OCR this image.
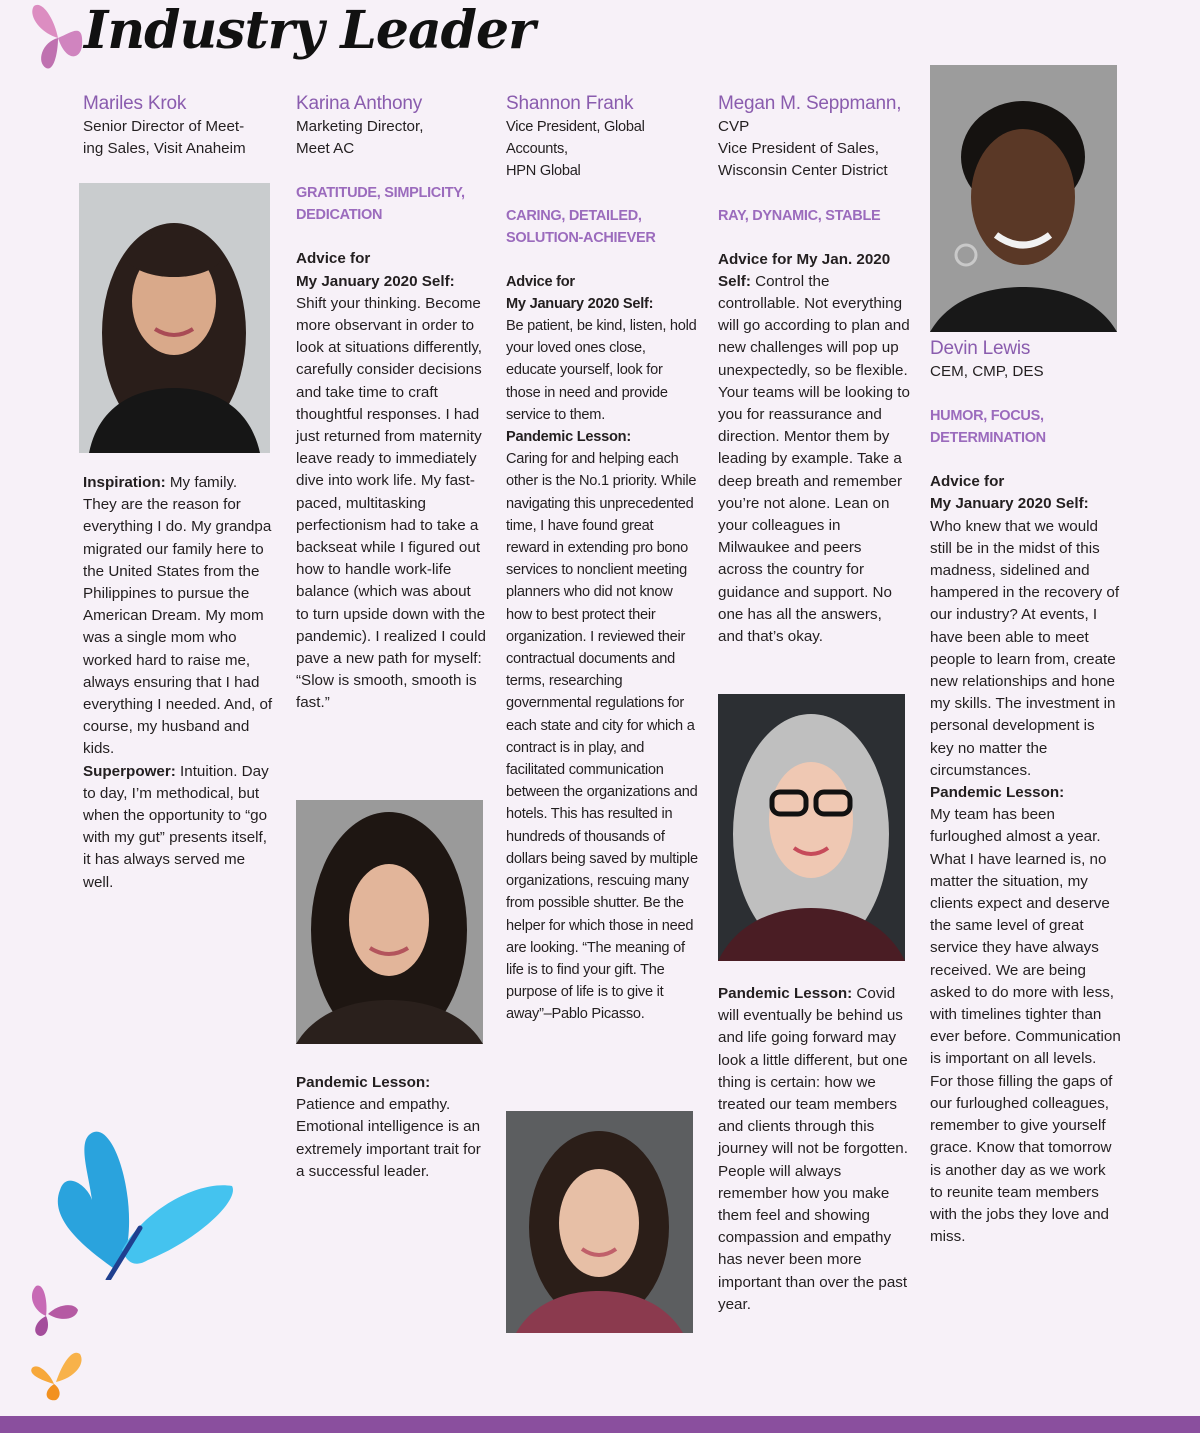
Industry Leader

Mariles Krok

Senior Director of Meet-
ing Sales, Visit Anaheim

Inspiration: My family. They are the reason for everything I do. My grandpa migrated our family here to the United States from the Philippines to pursue the American Dream. My mom was a single mom who worked hard to raise me, always ensuring that I had everything I needed. And, of course, my husband and kids.

Superpower: Intuition. Day to day, I’m methodical, but when the opportunity to “go with my gut” presents itself, it has always served me well.

Karina Anthony

Marketing Director,
Meet AC

GRATITUDE, SIMPLICITY,
DEDICATION

Advice for
My January 2020 Self:

Shift your thinking. Become more observant in order to look at situations differently, carefully consider decisions and take time to craft thoughtful responses. I had just returned from maternity leave ready to immediately dive into work life. My fast-paced, multitasking perfectionism had to take a backseat while I figured out how to handle work-life balance (which was about to turn upside down with the pandemic). I realized I could pave a new path for myself: “Slow is smooth, smooth is fast.”

Pandemic Lesson:

Patience and empathy. Emotional intelligence is an extremely important trait for a successful leader.

Shannon Frank

Vice President, Global
Accounts,
HPN Global

CARING, DETAILED,
SOLUTION-ACHIEVER

Advice for
My January 2020 Self:

Be patient, be kind, listen, hold your loved ones close, educate yourself, look for those in need and provide service to them.

Pandemic Lesson:

Caring for and helping each other is the No.1 priority. While navigating this unprecedented time, I have found great reward in extending pro bono services to nonclient meeting planners who did not know how to best protect their organization. I reviewed their contractual documents and terms, researching governmental regulations for each state and city for which a contract is in play, and facilitated communication between the organizations and hotels. This has resulted in hundreds of thousands of dollars being saved by multiple organizations, rescuing many from possible shutter. Be the helper for which those in need are looking. “The meaning of life is to find your gift. The purpose of life is to give it away”–Pablo Picasso.

Megan M. Seppmann,

CVP
Vice President of Sales,
Wisconsin Center District

RAY, DYNAMIC, STABLE

Advice for My Jan. 2020 Self: Control the controllable. Not everything will go according to plan and new challenges will pop up unexpectedly, so be flexible. Your teams will be looking to you for reassurance and direction. Mentor them by leading by example. Take a deep breath and remember you’re not alone. Lean on your colleagues in Milwaukee and peers across the country for guidance and support. No one has all the answers, and that’s okay.

Pandemic Lesson: Covid will eventually be behind us and life going forward may look a little different, but one thing is certain: how we treated our team members and clients through this journey will not be forgotten. People will always remember how you make them feel and showing compassion and empathy has never been more important than over the past year.

Devin Lewis

CEM, CMP, DES

HUMOR, FOCUS,
DETERMINATION

Advice for
My January 2020 Self:

Who knew that we would still be in the midst of this madness, sidelined and hampered in the recovery of our industry? At events, I have been able to meet people to learn from, create new relationships and hone my skills. The investment in personal development is key no matter the circumstances.

Pandemic Lesson:

My team has been furloughed almost a year. What I have learned is, no matter the situation, my clients expect and deserve the same level of great service they have always received. We are being asked to do more with less, with timelines tighter than ever before. Communication is important on all levels. For those filling the gaps of our furloughed colleagues, remember to give yourself grace. Know that tomorrow is another day as we work to reunite team members with the jobs they love and miss.
